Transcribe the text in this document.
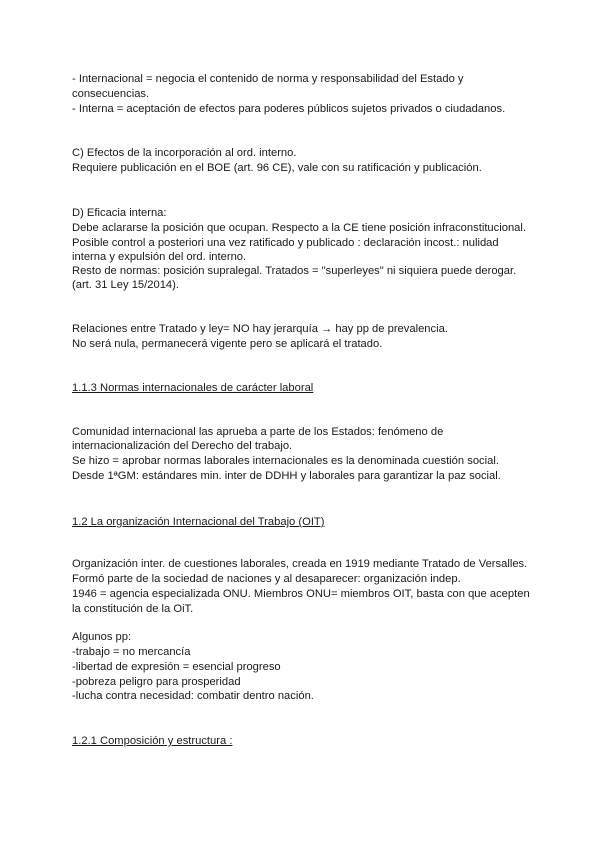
- Internacional = negocia el contenido de norma y responsabilidad del Estado y
consecuencias.
- Interna = aceptación de efectos para poderes públicos sujetos privados o ciudadanos.
C) Efectos de la incorporación al ord. interno.
Requiere publicación en el BOE (art. 96 CE), vale con su ratificación y publicación.
D) Eficacia interna:
Debe aclararse la posición que ocupan. Respecto a la CE tiene posición infraconstitucional.
Posible control a posteriori una vez ratificado y publicado : declaración incost.: nulidad
interna y expulsión del ord. interno.
Resto de normas: posición supralegal. Tratados = "superleyes" ni siquiera puede derogar.
(art. 31 Ley 15/2014).
Relaciones entre Tratado y ley= NO hay jerarquía → hay pp de prevalencia.
No será nula, permanecerá vigente pero se aplicará el tratado.
1.1.3 Normas internacionales de carácter laboral
Comunidad internacional las aprueba a parte de los Estados: fenómeno de
internacionalización del Derecho del trabajo.
Se hizo = aprobar normas laborales internacionales es la denominada cuestión social.
Desde 1ªGM: estándares min. inter de DDHH y laborales para garantizar la paz social.
1.2 La organización Internacional del Trabajo (OIT)
Organización inter. de cuestiones laborales, creada en 1919 mediante Tratado de Versalles.
Formó parte de la sociedad de naciones y al desaparecer: organización indep.
1946 = agencia especializada ONU. Miembros ONU= miembros OIT, basta con que acepten
la constitución de la OiT.
Algunos pp:
-trabajo = no mercancía
-libertad de expresión = esencial progreso
-pobreza peligro para prosperidad
-lucha contra necesidad: combatir dentro nación.
1.2.1 Composición y estructura :
